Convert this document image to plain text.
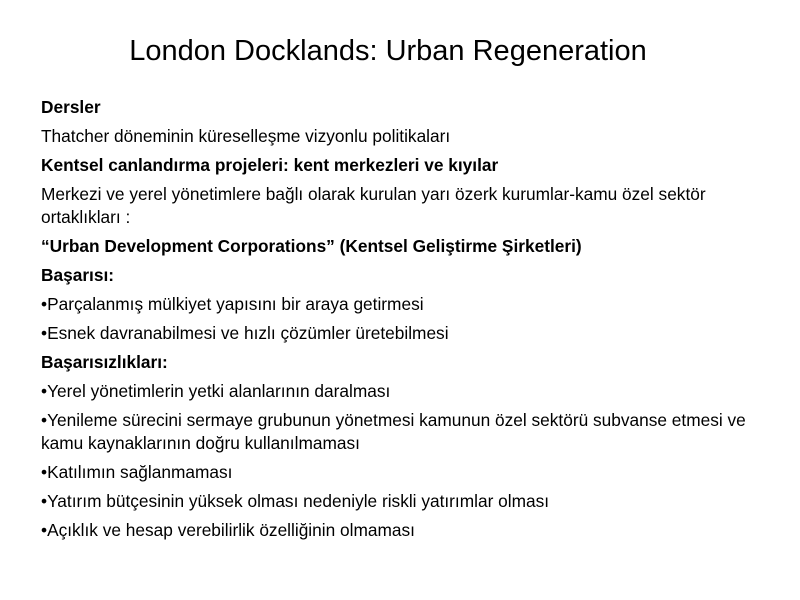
London Docklands: Urban Regeneration

Dersler

Thatcher döneminin küreselleşme vizyonlu politikaları

Kentsel canlandırma projeleri: kent merkezleri ve kıyılar

Merkezi ve yerel yönetimlere bağlı olarak kurulan yarı özerk kurumlar-kamu özel sektör ortaklıkları :

“Urban Development Corporations” (Kentsel Geliştirme Şirketleri)

Başarısı:

•Parçalanmış mülkiyet yapısını bir araya getirmesi

•Esnek davranabilmesi ve hızlı çözümler üretebilmesi

Başarısızlıkları:

•Yerel yönetimlerin yetki alanlarının daralması

•Yenileme sürecini sermaye grubunun yönetmesi kamunun özel sektörü subvanse etmesi ve kamu kaynaklarının doğru kullanılmaması

•Katılımın sağlanmaması

•Yatırım bütçesinin yüksek olması nedeniyle riskli yatırımlar olması

•Açıklık ve hesap verebilirlik özelliğinin olmaması
